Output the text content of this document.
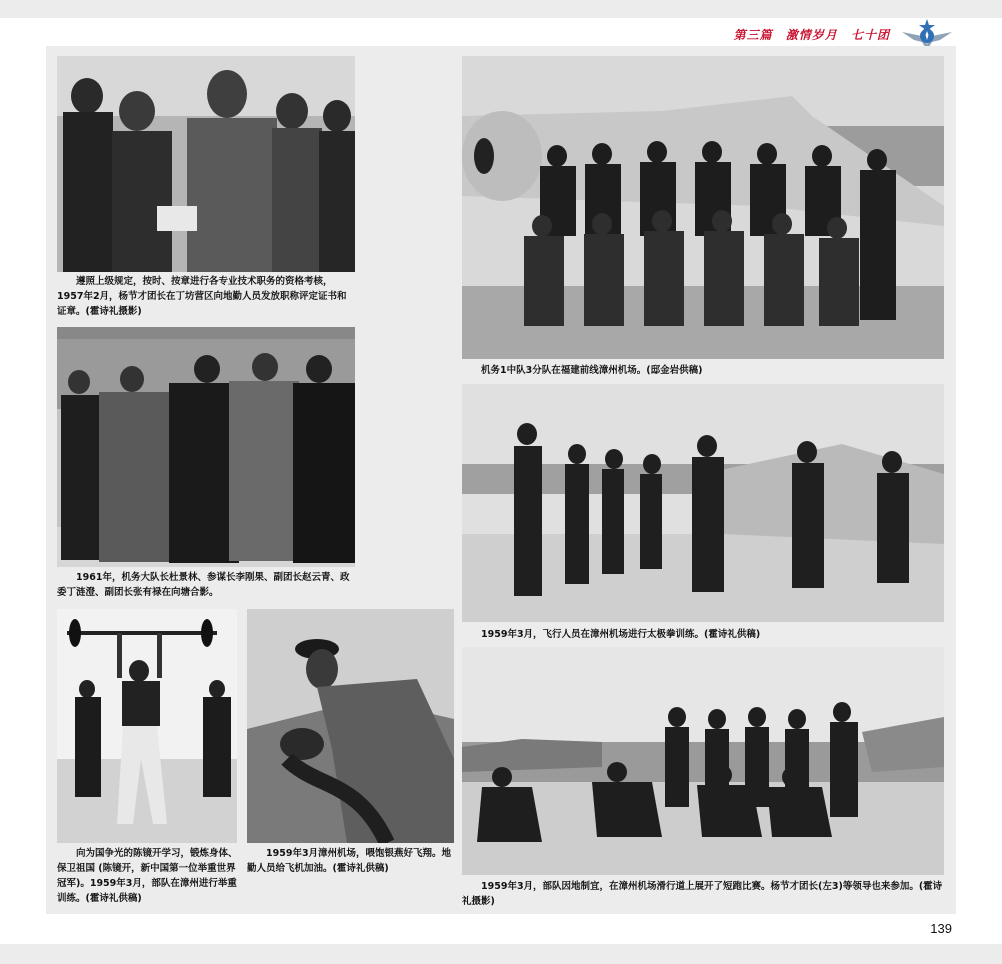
第三篇 激情岁月 七十团
遵照上级规定，按时、按章进行各专业技术职务的资格考核，1957年2月，杨节才团长在丁坊营区向地勤人员发放职称评定证书和证章。(霍诗礼摄影)
1961年，机务大队长杜景林、参谋长李刚果、副团长赵云青、政委丁涟澄、副团长张有禄在向塘合影。
向为国争光的陈镜开学习，锻炼身体、保卫祖国 (陈镜开，新中国第一位举重世界冠军)。1959年3月，部队在漳州进行举重训练。(霍诗礼供稿)
1959年3月漳州机场，喂饱银燕好飞翔。地勤人员给飞机加油。(霍诗礼供稿)
机务1中队3分队在福建前线漳州机场。(邸金岩供稿)
1959年3月，飞行人员在漳州机场进行太极拳训练。(霍诗礼供稿)
1959年3月，部队因地制宜，在漳州机场滑行道上展开了短跑比赛。杨节才团长(左3)等领导也来参加。(霍诗礼摄影)
139
